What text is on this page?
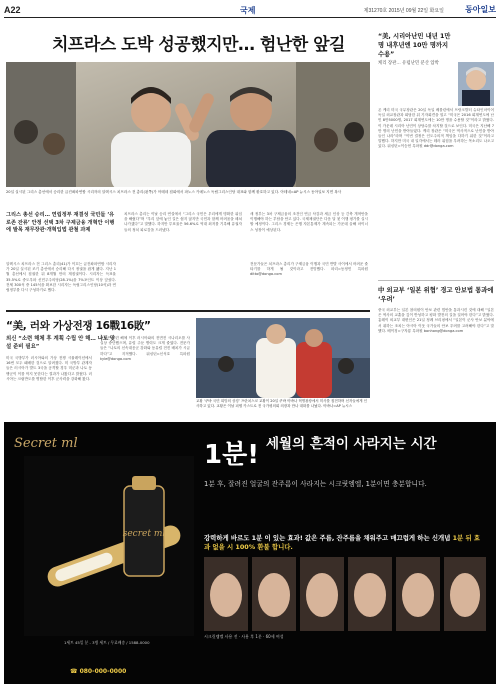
A22	국제	제31270호 2015년 09월 22일 화요일	동아일보
치프라스 도박 성공했지만… 험난한 앞길
20일 실시된 그리스 총선에서 승리한 급진좌파연합 시리자의 알렉시스 치프라스 전 총리(왼쪽)가 아테네 집회에서 파노스 카메노스 독립그리스인당 대표와 함께 환호하고 있다. 아테네=AP 뉴시스 동아일보 지면 복사
그리스 총선 승리… 연립정부 재결성 국민들 ‘유로존 잔류’ 안정 선택 3차 구제금융 개혁안 이행에 발목 재무장관·개혁입법 관철 과제
알렉시스 치프라스 전 그리스 총리(41)가 이끄는 급진좌파연합 시리자가 20일 실시된 조기 총선에서 승리해 다시 정권을 잡게 됐다. 지난 1월 총선에서 집권한 뒤 8개월 만의 재집권이다. 시리자는 득표율 35.5%로 중도우파 신민주주의당(28.1%)을 7%포인트 이상 앞섰다. 전체 300석 중 145석을 확보한 시리자는 독립그리스인당(10석)과 연립정부를 다시 구성하기로 했다.
치프라스 총리는 이날 승리 연설에서 “그리스 국민은 우리에게 명확한 위임을 해줬다”며 “우리 앞에 놓인 길은 쉽지 않지만 국민과 함께 어려움을 헤쳐 나가겠다”고 말했다. 하지만 투표율은 56.6%로 역대 최저를 기록해 유권자들의 정치 피로감을 드러냈다.
새 정부는 3차 구제금융의 조건인 연금 삭감과 세금 인상 등 긴축 개혁안을 이행해야 하는 부담을 안고 있다. 국제채권단은 다음 달 첫 이행 평가를 실시할 예정이다. 그리스 경제는 은행 자본통제가 계속되는 가운데 올해 마이너스 성장이 예상된다.
전문가들은 치프라스 총리가 구제금융 이행과 국민 반발 사이에서 어려운 줄타기를 하게 될 것이라고 전망했다. 파리=동정민 특파원 ditto@donga.com
“美, 시리아난민 내년 1만 명 내후년엔 10만 명까지 수용”
케리 장관… 유럽난민 분산 압박
존 케리 미국 국무장관은 20일 독일 베를린에서 프랑크발터 슈타인마이어 독일 외교장관과 회담한 뒤 기자회견을 열고 “미국은 2016 회계연도에 난민 8만5000명, 2017 회계연도에는 10만 명을 수용할 것”이라고 밝혔다. 이 가운데 시리아 난민이 상당수를 차지할 것으로 보인다. 미국은 지난해 7만 명의 난민을 받아들였다. 케리 장관은 “미국은 역사적으로 난민을 받아들인 나라”라며 “이번 결정은 인도주의적 책임을 다하기 위한 것”이라고 말했다. 하지만 미국 내 일각에서는 테러 위험을 우려하는 목소리도 나오고 있다. 워싱턴=이승헌 특파원 ddr@donga.com
中 외교부 ‘일본 위협’ 경고 안보법 통과에 ‘우려’
중국 외교부는 일본 참의원이 안보 관련 법안을 통과시킨 것에 대해 “일본은 역사의 교훈을 깊이 반성하고 평화 발전의 길을 걸어야 한다”고 밝혔다. 훙레이 외교부 대변인은 21일 정례 브리핑에서 “일본이 군사 안보 분야에서 취하는 조치는 아시아 이웃 국가들의 안보 우려를 고려해야 한다”고 말했다. 베이징=구자룡 특파원 bonhong@donga.com
“美, 러와 가상전쟁 16戰16敗”
외신 “소련 해체 후 계획 수립 안 해… 나토 맞설 준비 필요”
미국 국방부가 러시아와의 가상 전쟁 시뮬레이션에서 16번 모두 패배한 것으로 알려졌다. 미 국방부 관계자들은 러시아가 발트 3국을 공격할 경우 미군과 나토 동맹군이 이를 막지 못한다는 결과가 나왔다고 밝혔다. 러시아는 크림반도를 병합한 이후 군사력을 강화해 왔다.
미국은 소련 해체 이후 러시아와의 전면전 시나리오를 사실상 중단했으며, 유럽 주둔 병력도 크게 줄였다. 전문가들은 “나토의 신속대응군 강화와 동유럽 전진 배치가 시급하다”고 지적했다. 워싱턴=신석호 특파원 kyle@donga.com
교황 ‘쿠바 국민 희망의 상징’ 프란치스코 교황이 20일 쿠바 아바나 혁명광장에서 미사를 집전하며 신자들에게 인사하고 있다. 교황은 이날 피델 카스트로 전 국가평의회 의장과 만나 대화를 나눴다. 아바나=AP 뉴시스
secret ml
Secret ml	1분! 세월의 흔적이 사라지는 시간
1분 후, 잘려진 얼굴의 잔주름이 사라지는 시크릿엠엘, 1분이면 충분합니다.
강력하게 바르도 1분 이 있는 효과! 값은 주름, 잔주름을 채워주고 매끄럽게 하는 신개념 1분 뒤 효과 없을 시 100% 환불 합니다.
시크릿엠엘 사용 전 · 사용 후 1분 · 60세 여성
1세트 45일 분 - 3병 세트 / 무료배송 / 1588-0000
☎ 080-000-0000
